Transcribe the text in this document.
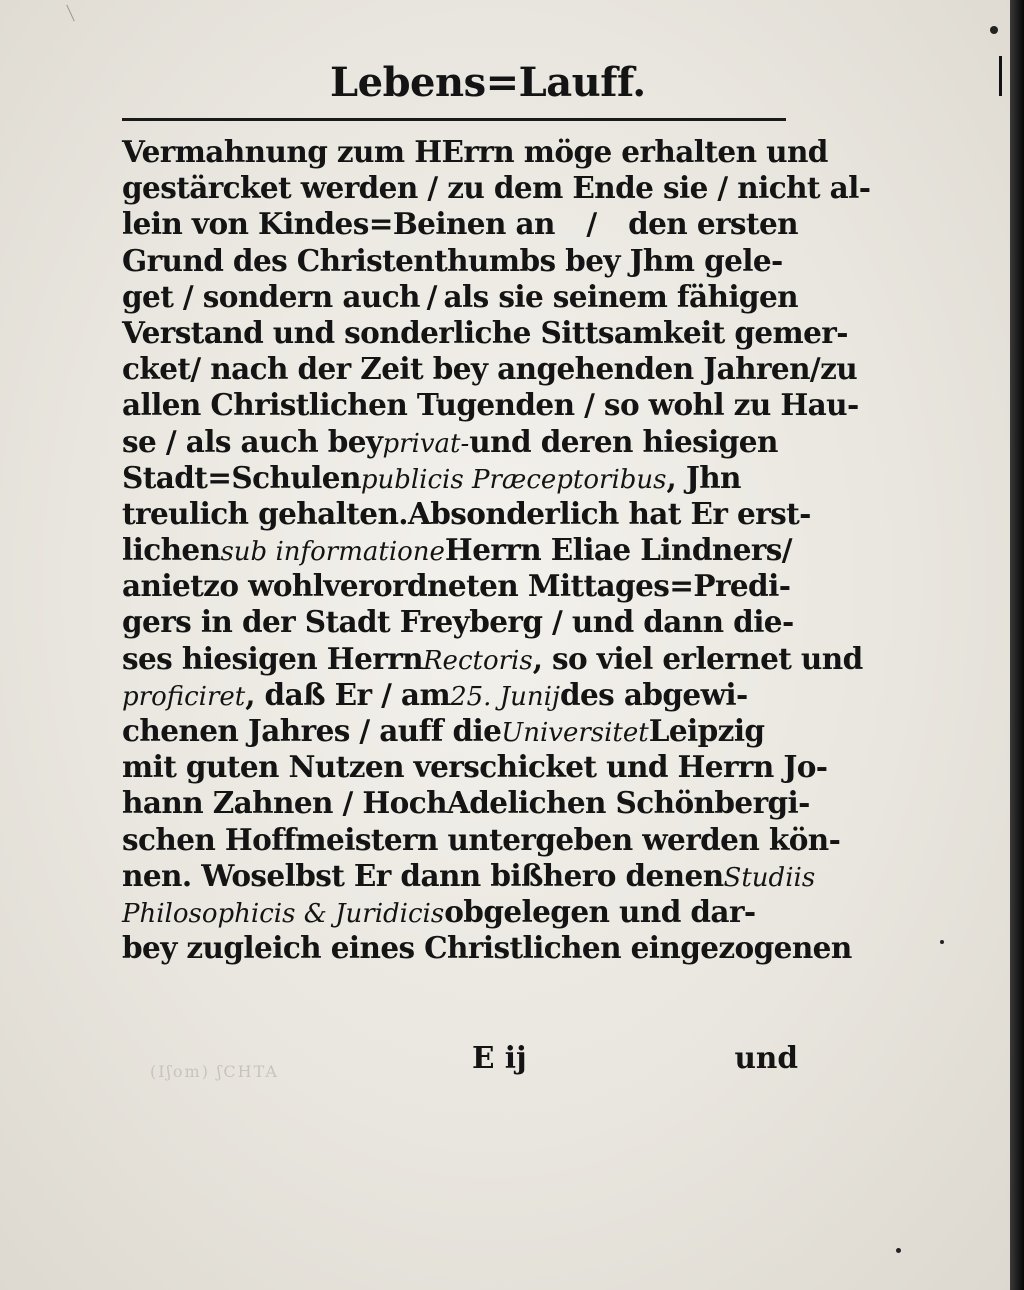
Lebens=Lauff.
Vermahnung zum HErrn möge erhalten und
gestärcket werden / zu dem Ende sie / nicht al-
lein von Kindes=Beinen an / den ersten
Grund des Christenthumbs bey Jhm gele-
get / sondern auch / als sie seinem fähigen
Verstand und sonderliche Sittsamkeit gemer-
cket/ nach der Zeit bey angehenden Jahren/zu
allen Christlichen Tugenden / so wohl zu Hau-
se / als auch beyprivat-und deren hiesigen
Stadt=Schulenpublicis Præceptoribus, Jhn
treulich gehalten. Absonderlich hat Er erst-
lichensub informationeHerrn Eliae Lindners/
anietzo wohlverordneten Mittages=Predi-
gers in der Stadt Freyberg / und dann die-
ses hiesigen HerrnRectoris, so viel erlernet und
proficiret, daß Er / am25. Junijdes abgewi-
chenen Jahres / auff dieUniversitetLeipzig
mit guten Nutzen verschicket und Herrn Jo-
hann Zahnen / HochAdelichen Schönbergi-
schen Hoffmeistern untergeben werden kön-
nen. Woselbst Er dann bißhero denenStudiis
Philosophicis & Juridicisobgelegen und dar-
bey zugleich eines Christlichen eingezogenen
E ij	und
(Iʃom) ʃCHTA
